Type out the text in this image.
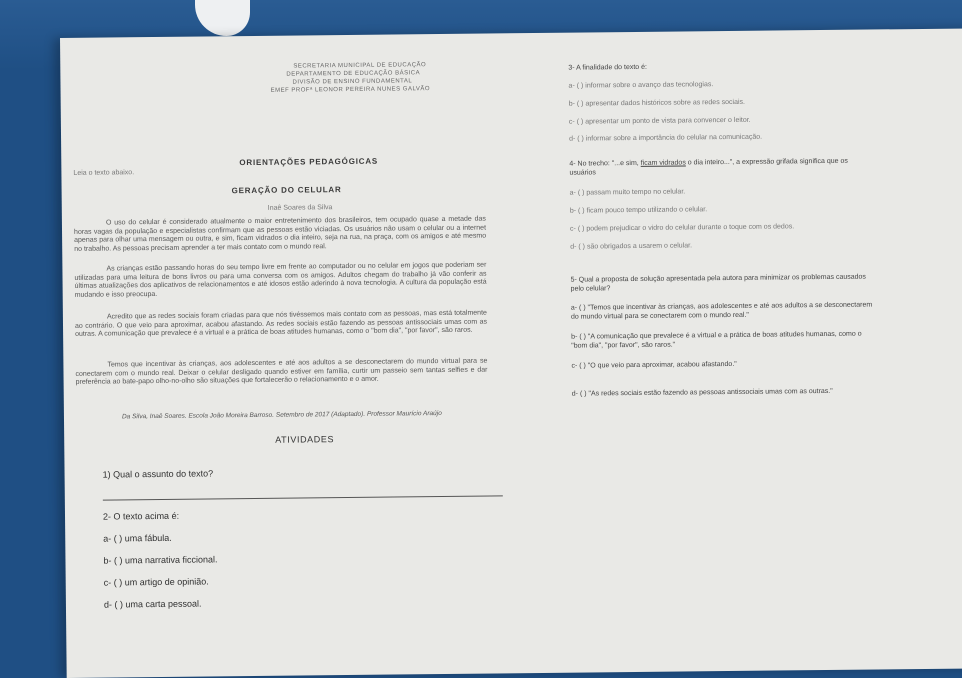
SECRETARIA MUNICIPAL DE EDUCAÇÃO
DEPARTAMENTO DE EDUCAÇÃO BÁSICA
DIVISÃO DE ENSINO FUNDAMENTAL
EMEF PROFª LEONOR PEREIRA NUNES GALVÃO
ORIENTAÇÕES PEDAGÓGICAS
Leia o texto abaixo.
GERAÇÃO DO CELULAR
Inaê Soares da Silva
O uso do celular é considerado atualmente o maior entretenimento dos brasileiros, tem ocupado quase a metade das horas vagas da população e especialistas confirmam que as pessoas estão viciadas. Os usuários não usam o celular ou a internet apenas para olhar uma mensagem ou outra, e sim, ficam vidrados o dia inteiro, seja na rua, na praça, com os amigos e até mesmo no trabalho. As pessoas precisam aprender a ter mais contato com o mundo real.
As crianças estão passando horas do seu tempo livre em frente ao computador ou no celular em jogos que poderiam ser utilizadas para uma leitura de bons livros ou para uma conversa com os amigos. Adultos chegam do trabalho já vão conferir as últimas atualizações dos aplicativos de relacionamentos e até idosos estão aderindo à nova tecnologia. A cultura da população está mudando e isso preocupa.
Acredito que as redes sociais foram criadas para que nós tivéssemos mais contato com as pessoas, mas está totalmente ao contrário. O que veio para aproximar, acabou afastando. As redes sociais estão fazendo as pessoas antissociais umas com as outras. A comunicação que prevalece é a virtual e a prática de boas atitudes humanas, como o "bom dia", "por favor", são raros.
Temos que incentivar às crianças, aos adolescentes e até aos adultos a se desconectarem do mundo virtual para se conectarem com o mundo real. Deixar o celular desligado quando estiver em família, curtir um passeio sem tantas selfies e dar preferência ao bate-papo olho-no-olho são situações que fortalecerão o relacionamento e o amor.
Da Silva, Inaê Soares. Escola João Moreira Barroso. Setembro de 2017 (Adaptado). Professor Maurício Araújo
ATIVIDADES
1) Qual o assunto do texto?
2- O texto acima é:
a- ( ) uma fábula.
b- ( ) uma narrativa ficcional.
c- ( ) um artigo de opinião.
d- ( ) uma carta pessoal.
3- A finalidade do texto é:
a- ( ) informar sobre o avanço das tecnologias.
b- ( ) apresentar dados históricos sobre as redes sociais.
c- ( ) apresentar um ponto de vista para convencer o leitor.
d- ( ) informar sobre a importância do celular na comunicação.
4- No trecho: "...e sim, ficam vidrados o dia inteiro...", a expressão grifada significa que os
usuários
a- ( ) passam muito tempo no celular.
b- ( ) ficam pouco tempo utilizando o celular.
c- ( ) podem prejudicar o vidro do celular durante o toque com os dedos.
d- ( ) são obrigados a usarem o celular.
5- Qual a proposta de solução apresentada pela autora para minimizar os problemas causados
pelo celular?
a- ( ) "Temos que incentivar às crianças, aos adolescentes e até aos adultos a se desconectarem
do mundo virtual para se conectarem com o mundo real."
b- ( ) "A comunicação que prevalece é a virtual e a prática de boas atitudes humanas, como o
"bom dia", "por favor", são raros."
c- ( ) "O que veio para aproximar, acabou afastando."
d- ( ) "As redes sociais estão fazendo as pessoas antissociais umas com as outras."
